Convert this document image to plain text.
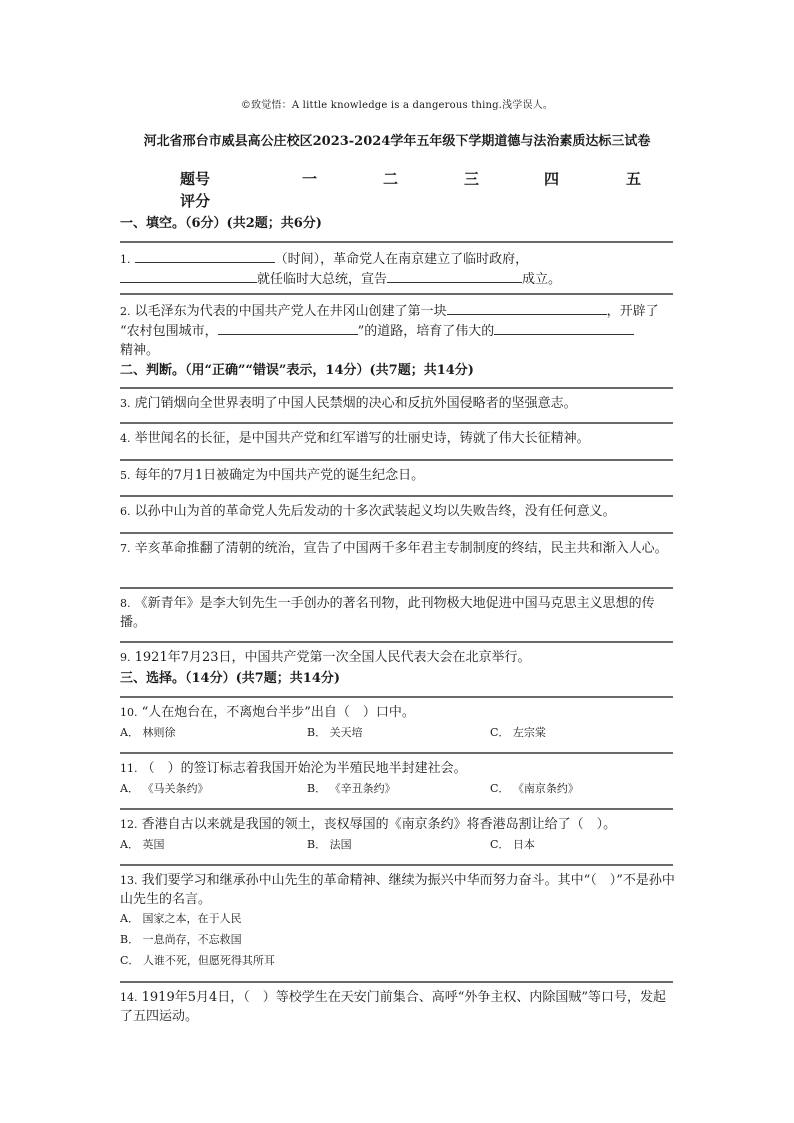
©致觉悟：A little knowledge is a dangerous thing.浅学误人。
河北省邢台市威县高公庄校区2023-2024学年五年级下学期道德与法治素质达标三试卷
题号	一	二	三	四	五
评分
一、填空。（6分）(共2题；共6分)
1.	（时间），革命党人在南京建立了临时政府，
就任临时大总统，宣告	成立。
2. 以毛泽东为代表的中国共产党人在井冈山创建了第一块	，开辟了
“农村包围城市，	”的道路，培育了伟大的
精神。
二、判断。（用“正确”“错误”表示，14分）(共7题；共14分)
3. 虎门销烟向全世界表明了中国人民禁烟的决心和反抗外国侵略者的坚强意志。
4. 举世闻名的长征，是中国共产党和红军谱写的壮丽史诗，铸就了伟大长征精神。
5. 每年的7月1日被确定为中国共产党的诞生纪念日。
6. 以孙中山为首的革命党人先后发动的十多次武装起义均以失败告终，没有任何意义。
7. 辛亥革命推翻了清朝的统治，宣告了中国两千多年君主专制制度的终结，民主共和渐入人心。
8. 《新青年》是李大钊先生一手创办的著名刊物，此刊物极大地促进中国马克思主义思想的传播。
9. 1921年7月23日，中国共产党第一次全国人民代表大会在北京举行。
三、选择。（14分）(共7题；共14分)
10. “人在炮台在，不离炮台半步”出自（　）口中。
A． 林则徐	B． 关天培	C． 左宗棠
11. （　）的签订标志着我国开始沦为半殖民地半封建社会。
A． 《马关条约》	B． 《辛丑条约》	C． 《南京条约》
12. 香港自古以来就是我国的领土，丧权辱国的《南京条约》将香港岛割让给了（　）。
A． 英国	B． 法国	C． 日本
13. 我们要学习和继承孙中山先生的革命精神、继续为振兴中华而努力奋斗。其中“（　）”不是孙中山先生的名言。
A． 国家之本，在于人民
B． 一息尚存，不忘救国
C． 人谁不死，但愿死得其所耳
14. 1919年5月4日，（　）等校学生在天安门前集合、高呼“外争主权、内除国贼”等口号，发起了五四运动。
